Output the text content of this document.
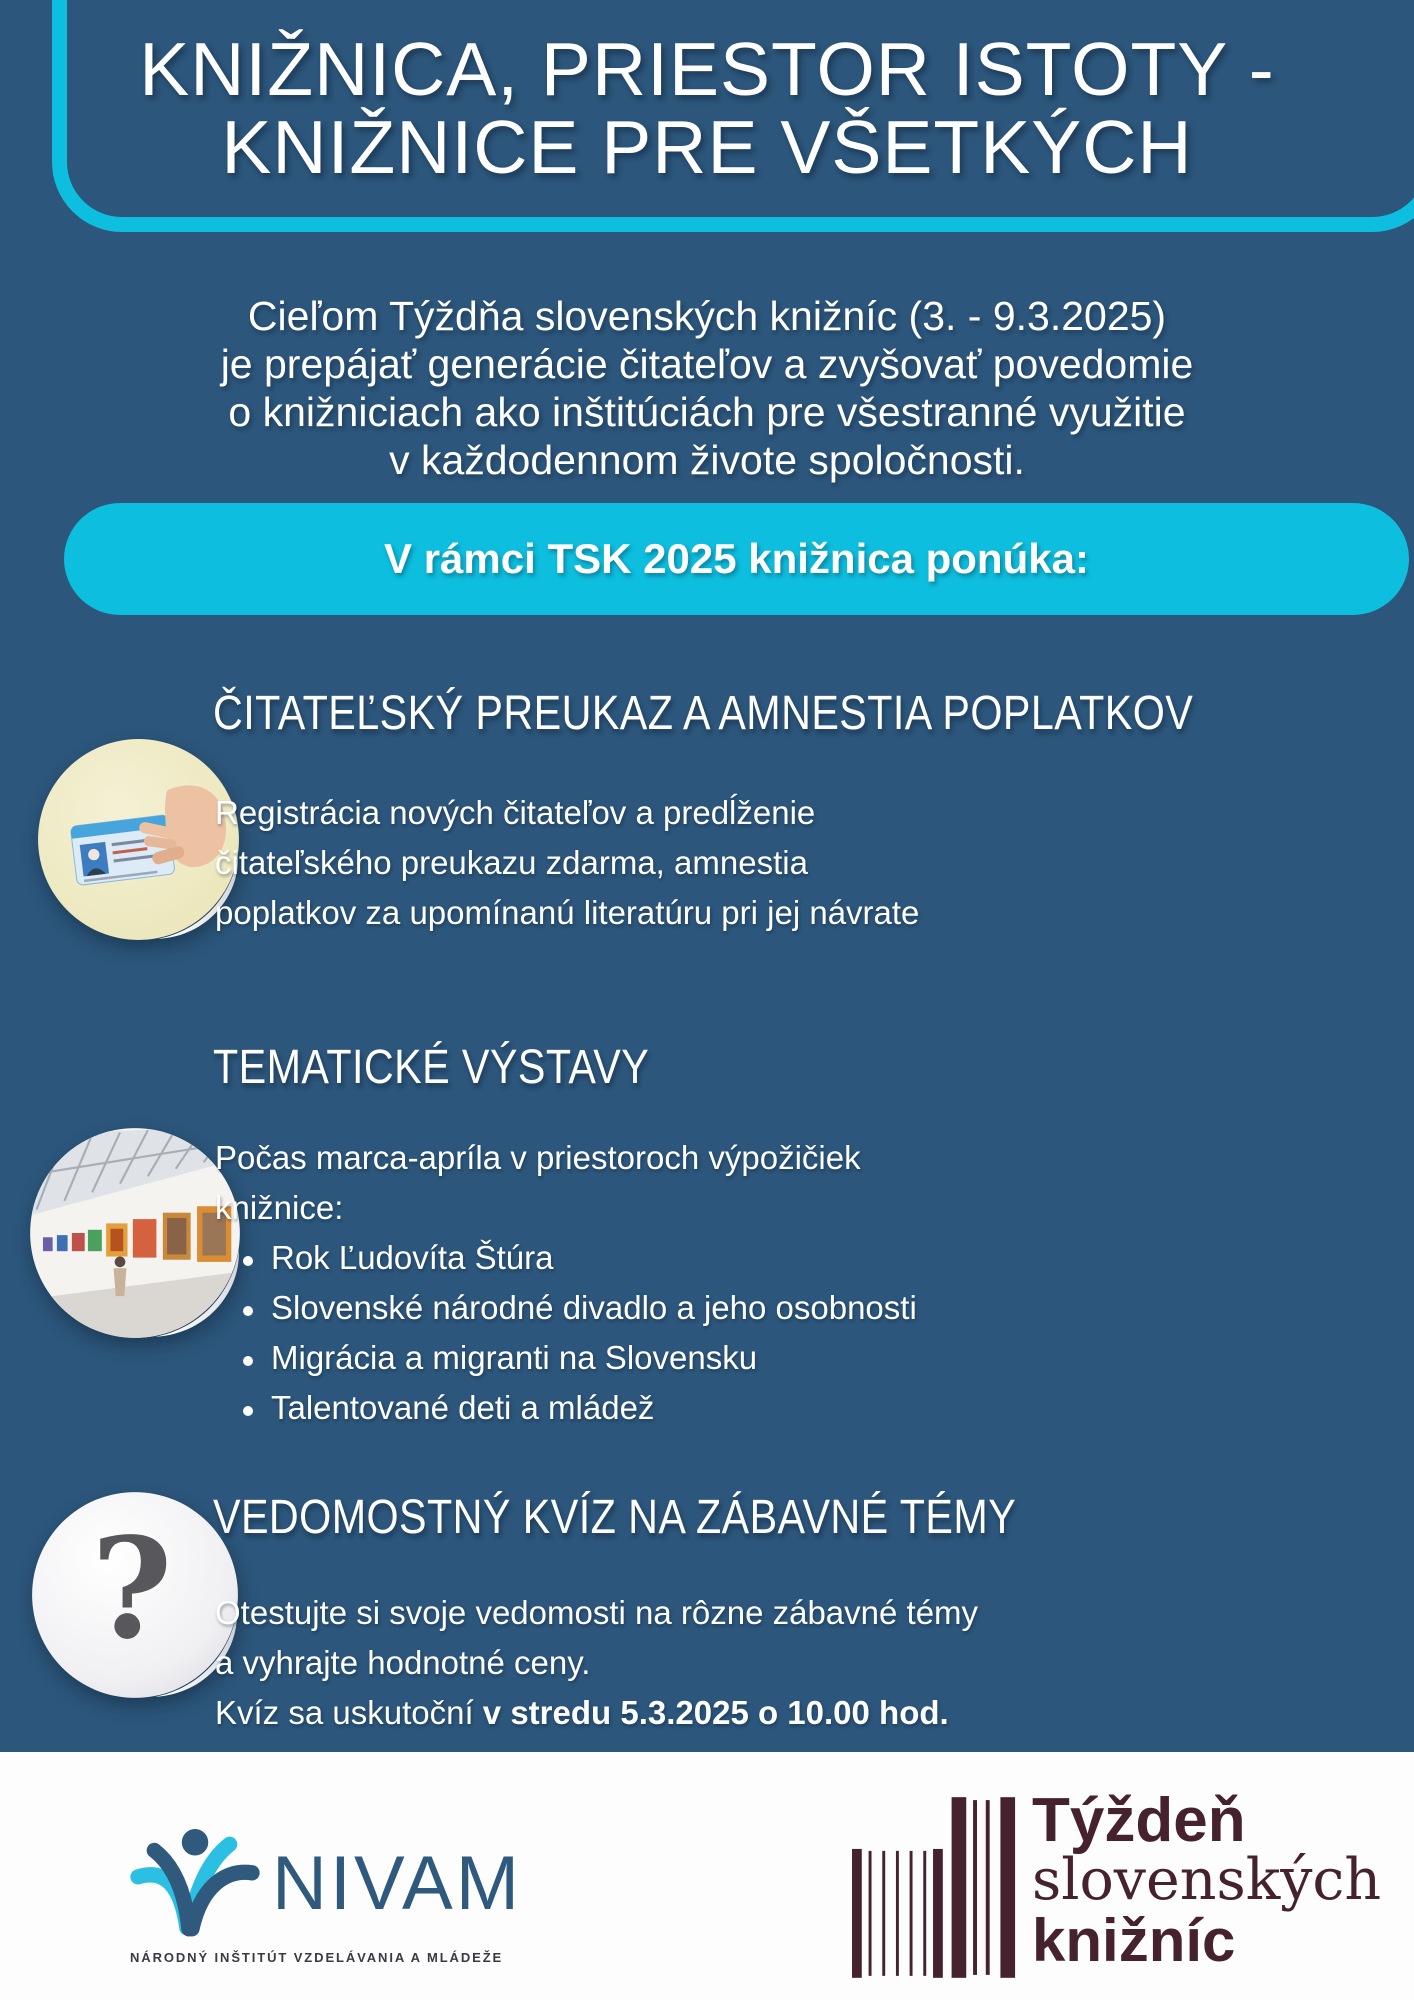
KNIŽNICA, PRIESTOR ISTOTY -
KNIŽNICE PRE VŠETKÝCH
Cieľom Týždňa slovenských knižníc (3. - 9.3.2025)
je prepájať generácie čitateľov a zvyšovať povedomie
o knižniciach ako inštitúciách pre všestranné využitie
v každodennom živote spoločnosti.
V rámci TSK 2025 knižnica ponúka:
ČITATEĽSKÝ PREUKAZ A AMNESTIA POPLATKOV
Registrácia nových čitateľov a predĺženie
čitateľského preukazu zdarma, amnestia
poplatkov za upomínanú literatúru pri jej návrate
TEMATICKÉ VÝSTAVY
Počas marca-apríla v priestoroch výpožičiek
knižnice:
Rok Ľudovíta Štúra
Slovenské národné divadlo a jeho osobnosti
Migrácia a migranti na Slovensku
Talentované deti a mládež
VEDOMOSTNÝ KVÍZ NA ZÁBAVNÉ TÉMY
? Otestujte si svoje vedomosti na rôzne zábavné témy
a vyhrajte hodnotné ceny.
Kvíz sa uskutoční v stredu 5.3.2025 o 10.00 hod.
NIVAM
NÁRODNÝ INŠTITÚT VZDELÁVANIA A MLÁDEŽE
Týždeň
slovenských
knižníc
